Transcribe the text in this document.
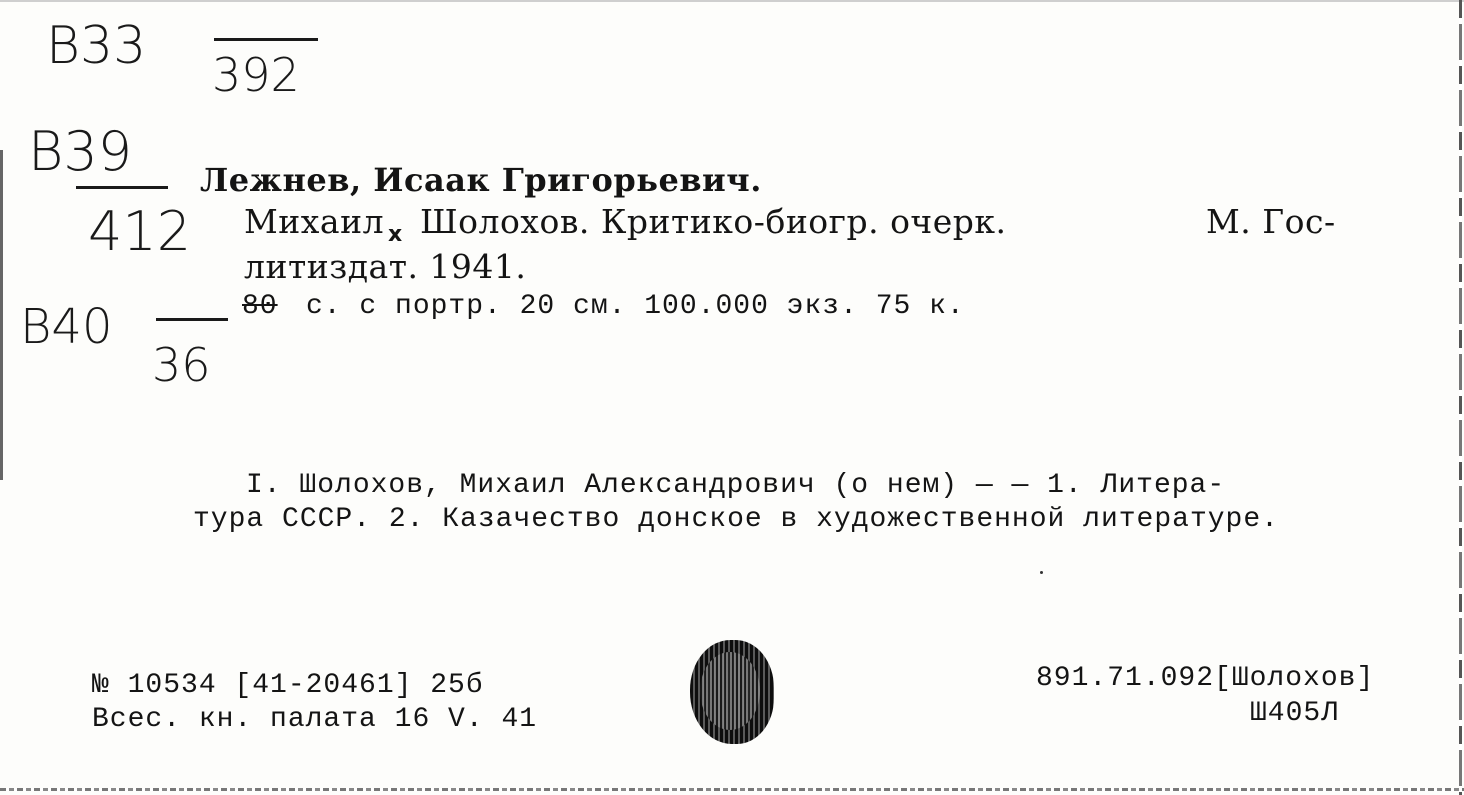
B33 392
В39
412
В40
36
Лежнев, Исаак Григорьевич.
Михаил x Шолохов. Критико-биогр. очерк.	М. Гос-
литиздат. 1941.
80 с. с портр. 20 см. 100.000 экз. 75 к.
I. Шолохов, Михаил Александрович (о нем) — — 1. Литера-
тура СССР. 2. Казачество донское в художественной литературе.
№ 10534 [41-20461] 25б
Всес. кн. палата 16 V. 41
891.71.092[Шолохов]
Ш405Л
